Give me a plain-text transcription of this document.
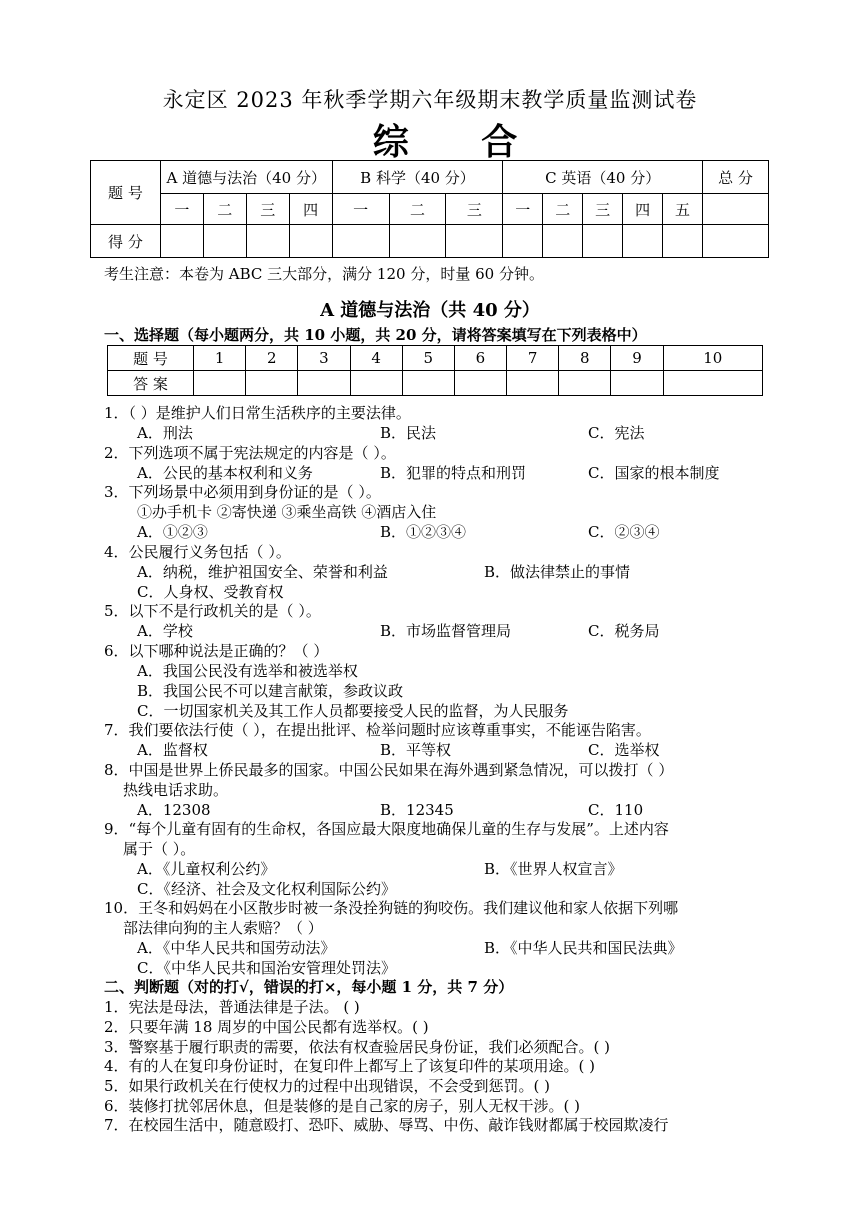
永定区 2023 年秋季学期六年级期末教学质量监测试卷
综 合
题 号	A 道德与法治（40 分）				B 科学（40 分）			C 英语（40 分）					总 分
	一	二	三	四	一	二	三	一	二	三	四	五	
得 分													
考生注意：本卷为 ABC 三大部分，满分 120 分，时量 60 分钟。
A 道德与法治（共 40 分）
一、选择题（每小题两分，共 10 小题，共 20 分，请将答案填写在下列表格中）
题 号	1	2	3	4	5	6	7	8	9	10
答 案										
1．（ ）是维护人们日常生活秩序的主要法律。
A．刑法	B．民法	C．宪法
2．下列选项不属于宪法规定的内容是（ ）。
A．公民的基本权利和义务	B．犯罪的特点和刑罚	C．国家的根本制度
3．下列场景中必须用到身份证的是（ ）。
①办手机卡 ②寄快递 ③乘坐高铁 ④酒店入住
A．①②③	B．①②③④	C．②③④
4．公民履行义务包括（ ）。
A．纳税，维护祖国安全、荣誉和利益	B．做法律禁止的事情
C．人身权、受教育权
5．以下不是行政机关的是（ ）。
A．学校	B．市场监督管理局	C．税务局
6．以下哪种说法是正确的？（ ）
A．我国公民没有选举和被选举权
B．我国公民不可以建言献策，参政议政
C．一切国家机关及其工作人员都要接受人民的监督，为人民服务
7．我们要依法行使（ ），在提出批评、检举问题时应该尊重事实，不能诬告陷害。
A．监督权	B．平等权	C．选举权
8．中国是世界上侨民最多的国家。中国公民如果在海外遇到紧急情况，可以拨打（ ）
热线电话求助。
A．12308	B．12345	C．110
9．“每个儿童有固有的生命权，各国应最大限度地确保儿童的生存与发展”。上述内容
属于（ ）。
A．《儿童权利公约》	B．《世界人权宣言》
C．《经济、社会及文化权利国际公约》
10．王冬和妈妈在小区散步时被一条没拴狗链的狗咬伤。我们建议他和家人依据下列哪
部法律向狗的主人索赔？（ ）
A．《中华人民共和国劳动法》	B．《中华人民共和国民法典》
C．《中华人民共和国治安管理处罚法》
二、判断题（对的打√，错误的打×，每小题 1 分，共 7 分）
1．宪法是母法，普通法律是子法。 ( )
2．只要年满 18 周岁的中国公民都有选举权。( )
3．警察基于履行职责的需要，依法有权查验居民身份证，我们必须配合。( )
4．有的人在复印身份证时，在复印件上都写上了该复印件的某项用途。( )
5．如果行政机关在行使权力的过程中出现错误，不会受到惩罚。( )
6．装修打扰邻居休息，但是装修的是自己家的房子，别人无权干涉。( )
7．在校园生活中，随意殴打、恐吓、威胁、辱骂、中伤、敲诈钱财都属于校园欺凌行
